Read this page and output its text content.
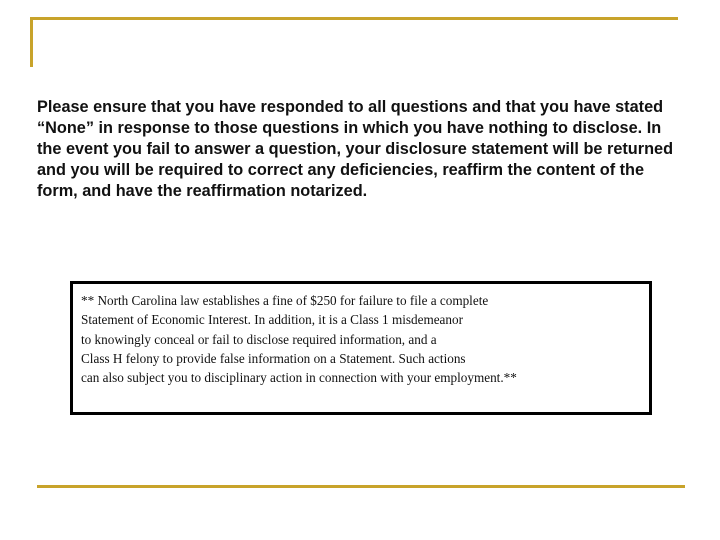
Please ensure that you have responded to all questions and that you have stated “None” in response to those questions in which you have nothing to disclose. In the event you fail to answer a question, your disclosure statement will be returned and you will be required to correct any deficiencies, reaffirm the content of the form, and have the reaffirmation notarized.

** North Carolina law establishes a fine of $250 for failure to file a complete
Statement of Economic Interest. In addition, it is a Class 1 misdemeanor
to knowingly conceal or fail to disclose required information, and a
Class H felony to provide false information on a Statement. Such actions
can also subject you to disciplinary action in connection with your employment.**
